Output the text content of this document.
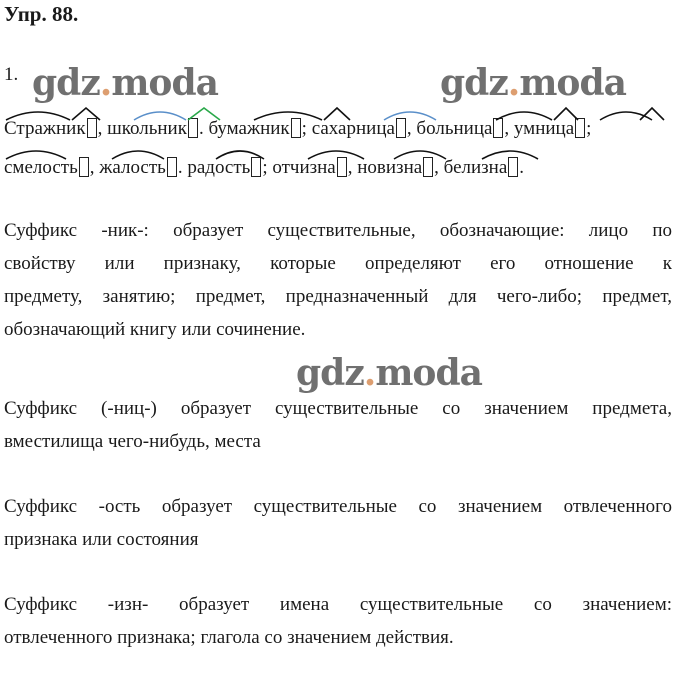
Упр. 88.
1. gdz.moda	gdz.moda
gdz.moda
Стражник , школьник . бумажник ; сахарница , больница , умница ;
смелость , жалость . радость ; отчизна , новизна , белизна .
Суффикс -ник-: образует существительные, обозначающие: лицо по
свойству или признаку, которые определяют его отношение к
предмету, занятию; предмет, предназначенный для чего-либо; предмет,
обозначающий книгу или сочинение.
Суффикс (-ниц-) образует существительные со значением предмета,
вместилища чего-нибудь, места
Суффикс -ость образует существительные со значением отвлеченного
признака или состояния
Суффикс -изн- образует имена существительные со значением:
отвлеченного признака; глагола со значением действия.
